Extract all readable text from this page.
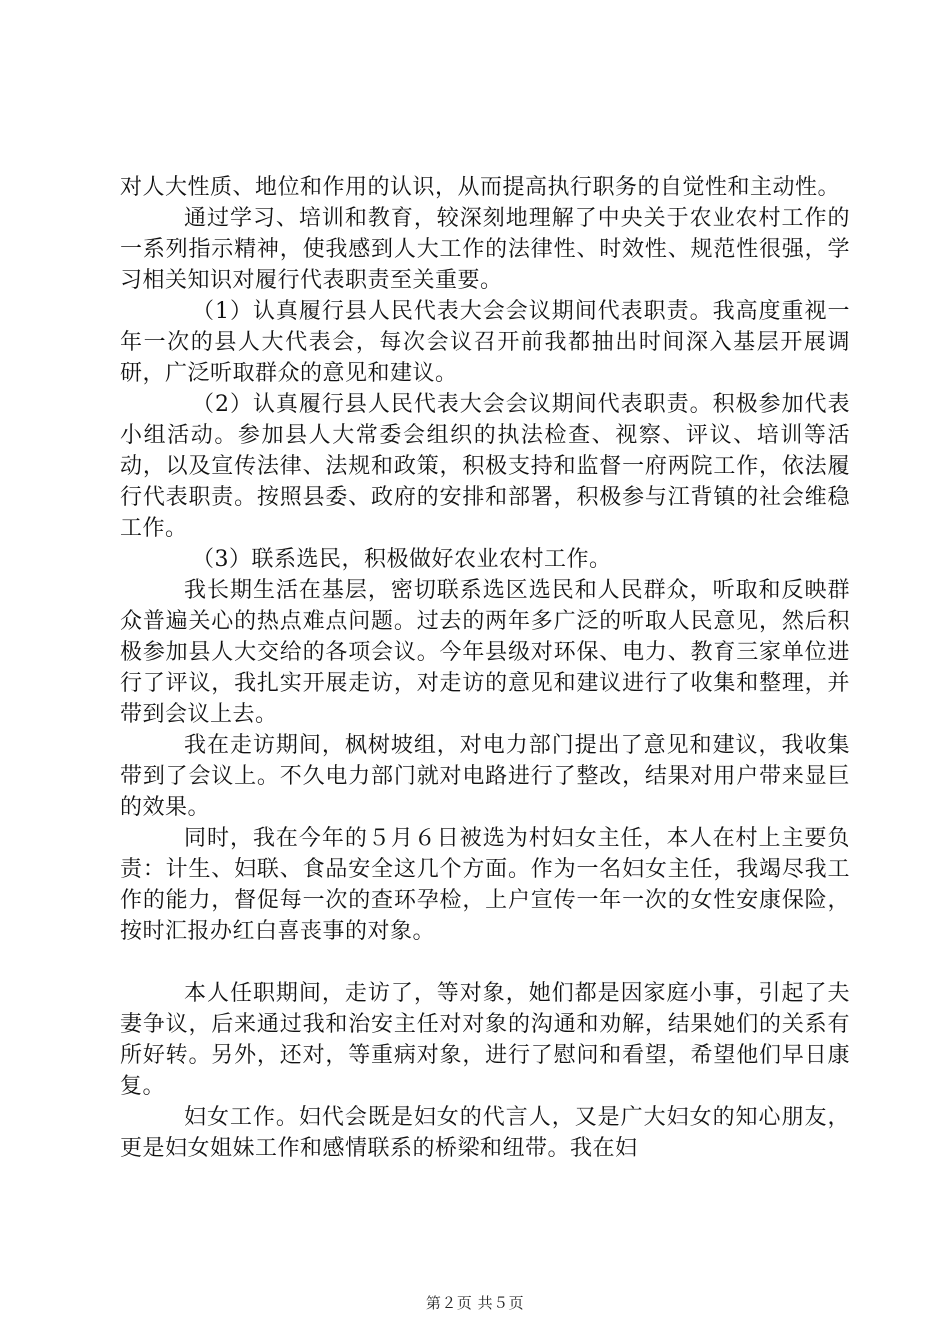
对人大性质、地位和作用的认识，从而提高执行职务的自觉性和主动性。

通过学习、培训和教育，较深刻地理解了中央关于农业农村工作的一系列指示精神，使我感到人大工作的法律性、时效性、规范性很强，学习相关知识对履行代表职责至关重要。

（1）认真履行县人民代表大会会议期间代表职责。我高度重视一年一次的县人大代表会，每次会议召开前我都抽出时间深入基层开展调研，广泛听取群众的意见和建议。

（2）认真履行县人民代表大会会议期间代表职责。积极参加代表小组活动。参加县人大常委会组织的执法检查、视察、评议、培训等活动，以及宣传法律、法规和政策，积极支持和监督一府两院工作，依法履行代表职责。按照县委、政府的安排和部署，积极参与江背镇的社会维稳工作。

（3）联系选民，积极做好农业农村工作。

我长期生活在基层，密切联系选区选民和人民群众，听取和反映群众普遍关心的热点难点问题。过去的两年多广泛的听取人民意见，然后积极参加县人大交给的各项会议。今年县级对环保、电力、教育三家单位进行了评议，我扎实开展走访，对走访的意见和建议进行了收集和整理，并带到会议上去。

我在走访期间，枫树坡组，对电力部门提出了意见和建议，我收集带到了会议上。不久电力部门就对电路进行了整改，结果对用户带来显巨的效果。

同时，我在今年的５月６日被选为村妇女主任，本人在村上主要负责：计生、妇联、食品安全这几个方面。作为一名妇女主任，我竭尽我工作的能力，督促每一次的查环孕检，上户宣传一年一次的女性安康保险，按时汇报办红白喜丧事的对象。

本人任职期间，走访了，等对象，她们都是因家庭小事，引起了夫妻争议，后来通过我和治安主任对对象的沟通和劝解，结果她们的关系有所好转。另外，还对，等重病对象，进行了慰问和看望，希望他们早日康复。

妇女工作。妇代会既是妇女的代言人，又是广大妇女的知心朋友，更是妇女姐妹工作和感情联系的桥梁和纽带。我在妇

第２页 共５页
